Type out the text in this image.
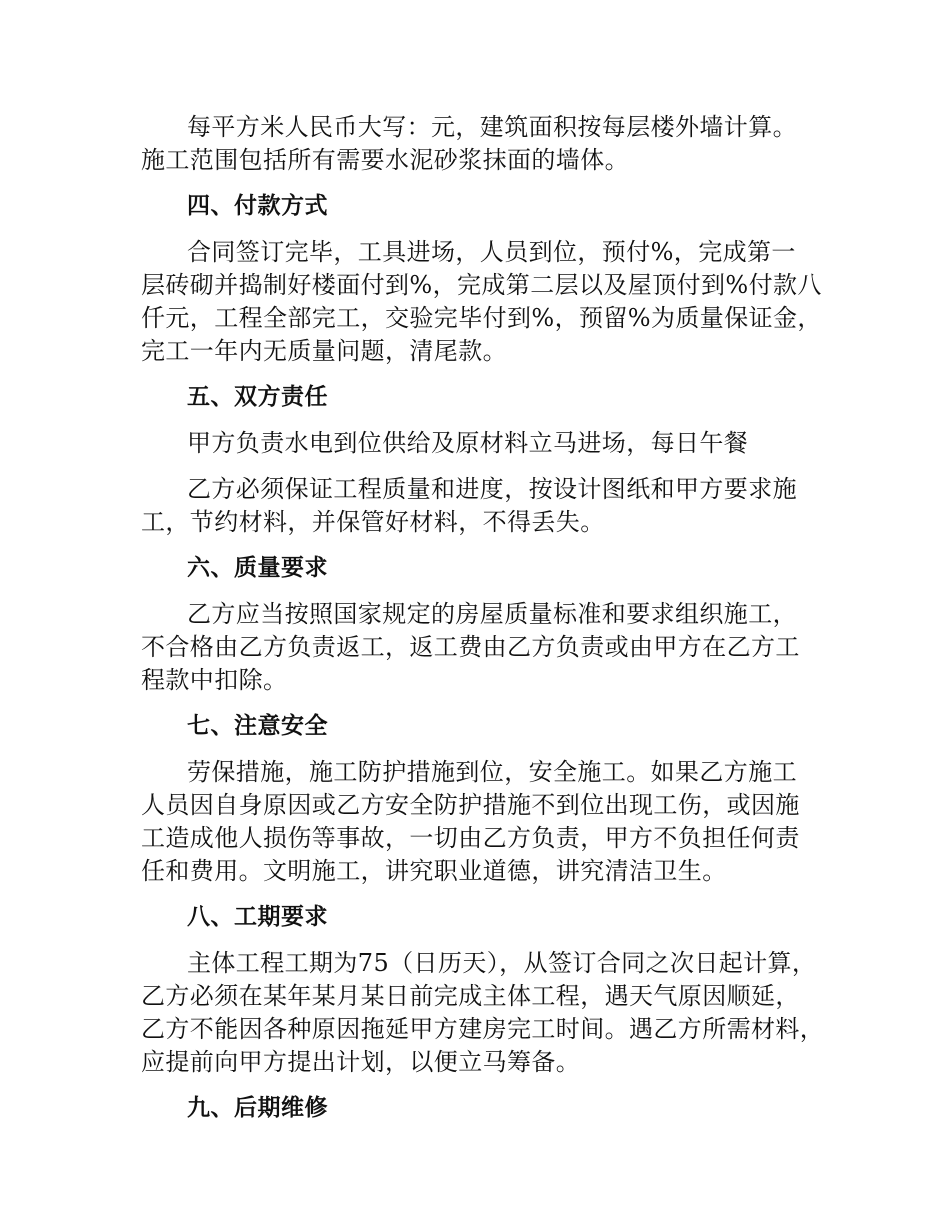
每平方米人民币大写：元，建筑面积按每层楼外墙计算。
施工范围包括所有需要水泥砂浆抹面的墙体。

四、付款方式

合同签订完毕，工具进场，人员到位，预付%，完成第一
层砖砌并捣制好楼面付到%，完成第二层以及屋顶付到%付款八
仟元，工程全部完工，交验完毕付到%，预留%为质量保证金，
完工一年内无质量问题，清尾款。

五、双方责任

甲方负责水电到位供给及原材料立马进场，每日午餐

乙方必须保证工程质量和进度，按设计图纸和甲方要求施
工，节约材料，并保管好材料，不得丢失。

六、质量要求

乙方应当按照国家规定的房屋质量标准和要求组织施工，
不合格由乙方负责返工，返工费由乙方负责或由甲方在乙方工
程款中扣除。

七、注意安全

劳保措施，施工防护措施到位，安全施工。如果乙方施工
人员因自身原因或乙方安全防护措施不到位出现工伤，或因施
工造成他人损伤等事故，一切由乙方负责，甲方不负担任何责
任和费用。文明施工，讲究职业道德，讲究清洁卫生。

八、工期要求

主体工程工期为75（日历天），从签订合同之次日起计算，
乙方必须在某年某月某日前完成主体工程，遇天气原因顺延，
乙方不能因各种原因拖延甲方建房完工时间。遇乙方所需材料，
应提前向甲方提出计划，以便立马筹备。

九、后期维修
